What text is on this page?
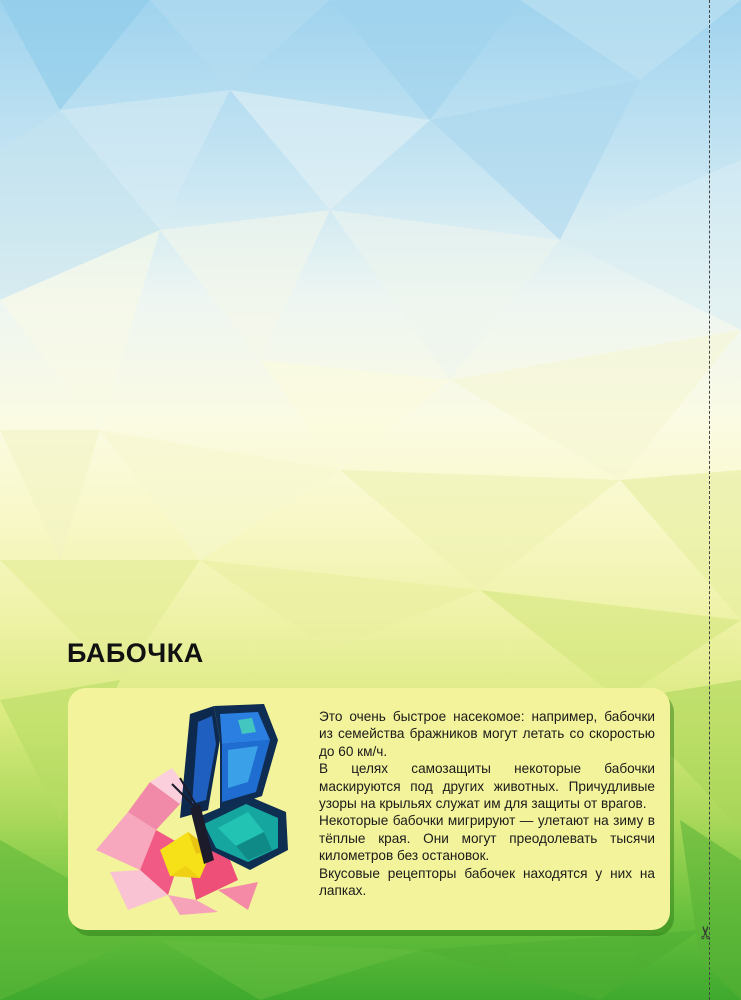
✂
БАБОЧКА

Это очень быстрое насекомое: например, бабочки из семейства бражников могут летать со скоростью до 60 км/ч.

В целях самозащиты некоторые бабочки маскируются под других животных. Причудливые узоры на крыльях служат им для защиты от врагов.

Некоторые бабочки мигрируют — улетают на зиму в тёплые края. Они могут преодолевать тысячи километров без остановок.

Вкусовые рецепторы бабочек находятся у них на лапках.
